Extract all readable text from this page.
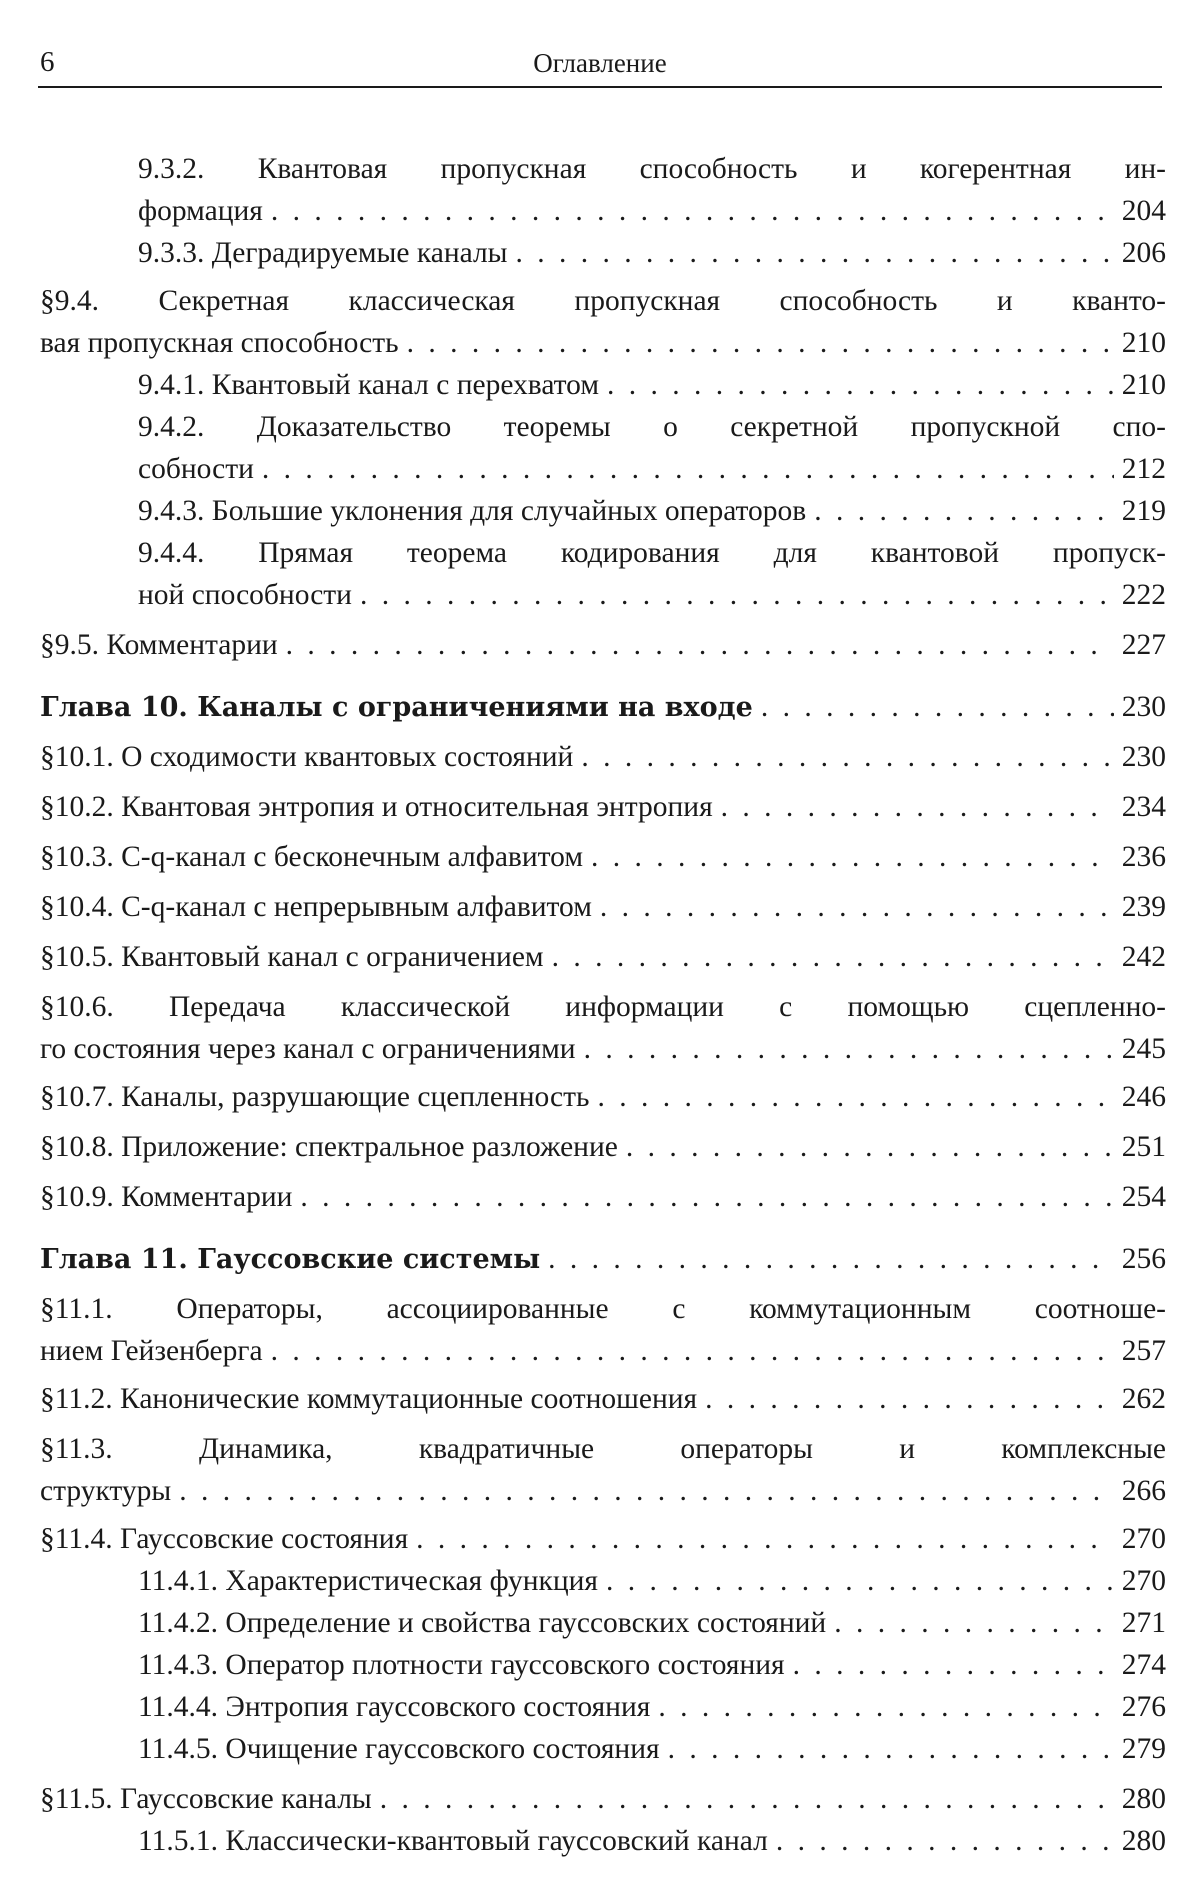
6	Оглавление
9.3.2. Квантовая пропускная способность и когерентная ин-
формация . . .	204
9.3.3. Деградируемые каналы . . .	206
§9.4. Секретная классическая пропускная способность и кванто-
вая пропускная способность . . .	210
9.4.1. Квантовый канал с перехватом . . .	210
9.4.2. Доказательство теоремы о секретной пропускной спо-
собности . . .	212
9.4.3. Большие уклонения для случайных операторов . . .	219
9.4.4. Прямая теорема кодирования для квантовой пропуск-
ной способности . . .	222
§9.5. Комментарии . . .	227
Глава 10. Каналы с ограничениями на входе . . .	230
§10.1. О сходимости квантовых состояний . . .	230
§10.2. Квантовая энтропия и относительная энтропия . . .	234
§10.3. C-q-канал с бесконечным алфавитом . . .	236
§10.4. C-q-канал с непрерывным алфавитом . . .	239
§10.5. Квантовый канал с ограничением . . .	242
§10.6. Передача классической информации с помощью сцепленно-
го состояния через канал с ограничениями . . .	245
§10.7. Каналы, разрушающие сцепленность . . .	246
§10.8. Приложение: спектральное разложение . . .	251
§10.9. Комментарии . . .	254
Глава 11. Гауссовские системы . . .	256
§11.1. Операторы, ассоциированные с коммутационным соотноше-
нием Гейзенберга . . .	257
§11.2. Канонические коммутационные соотношения . . .	262
§11.3. Динамика, квадратичные операторы и комплексные
структуры . . .	266
§11.4. Гауссовские состояния . . .	270
11.4.1. Характеристическая функция . . .	270
11.4.2. Определение и свойства гауссовских состояний . . .	271
11.4.3. Оператор плотности гауссовского состояния . . .	274
11.4.4. Энтропия гауссовского состояния . . .	276
11.4.5. Очищение гауссовского состояния . . .	279
§11.5. Гауссовские каналы . . .	280
11.5.1. Классически-квантовый гауссовский канал . . .	280
